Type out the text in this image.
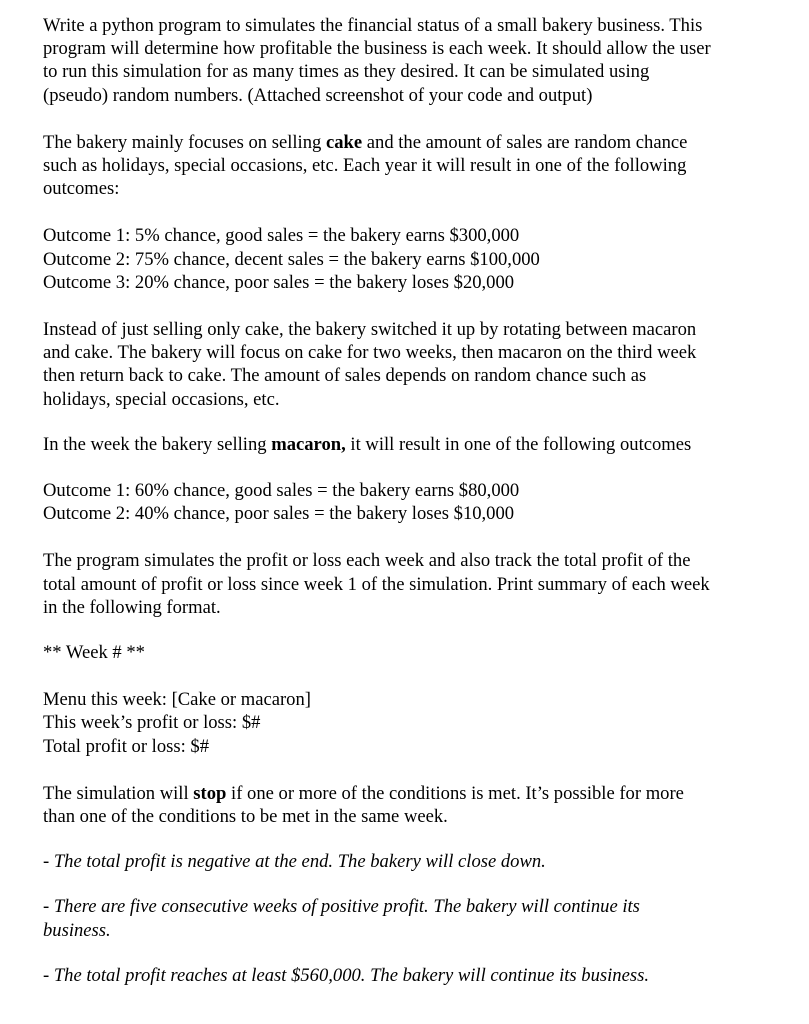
Write a python program to simulates the financial status of a small bakery business. This
program will determine how profitable the business is each week. It should allow the user
to run this simulation for as many times as they desired. It can be simulated using
(pseudo) random numbers. (Attached screenshot of your code and output)

The bakery mainly focuses on selling cake and the amount of sales are random chance
such as holidays, special occasions, etc. Each year it will result in one of the following
outcomes:

Outcome 1: 5% chance, good sales = the bakery earns $300,000
Outcome 2: 75% chance, decent sales = the bakery earns $100,000
Outcome 3: 20% chance, poor sales = the bakery loses $20,000

Instead of just selling only cake, the bakery switched it up by rotating between macaron
and cake. The bakery will focus on cake for two weeks, then macaron on the third week
then return back to cake. The amount of sales depends on random chance such as
holidays, special occasions, etc.

In the week the bakery selling macaron, it will result in one of the following outcomes

Outcome 1: 60% chance, good sales = the bakery earns $80,000
Outcome 2: 40% chance, poor sales = the bakery loses $10,000

The program simulates the profit or loss each week and also track the total profit of the
total amount of profit or loss since week 1 of the simulation. Print summary of each week
in the following format.

** Week # **

Menu this week: [Cake or macaron]
This week’s profit or loss: $#
Total profit or loss: $#

The simulation will stop if one or more of the conditions is met. It’s possible for more
than one of the conditions to be met in the same week.

- The total profit is negative at the end. The bakery will close down.

- There are five consecutive weeks of positive profit. The bakery will continue its
business.

- The total profit reaches at least $560,000. The bakery will continue its business.
